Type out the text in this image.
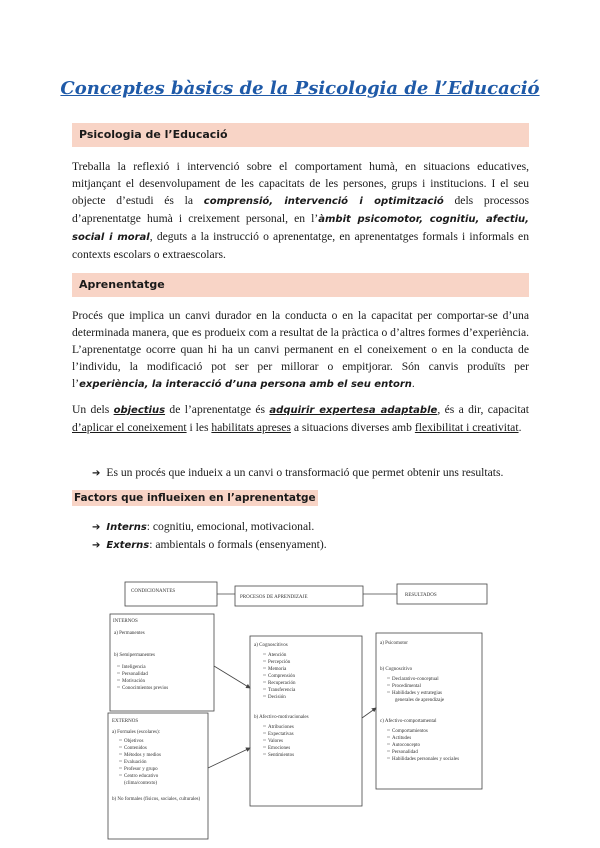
Conceptes bàsics de la Psicologia de l’Educació
Psicologia de l’Educació
Treballa la reflexió i intervenció sobre el comportament humà, en situacions educatives, mitjançant el desenvolupament de les capacitats de les persones, grups i institucions. I el seu objecte d’estudi és la comprensió, intervenció i optimització dels processos d’aprenentatge humà i creixement personal, en l’àmbit psicomotor, cognitiu, afectiu, social i moral, deguts a la instrucció o aprenentatge, en aprenentatges formals i informals en contexts escolars o extraescolars.
Aprenentatge
Procés que implica un canvi durador en la conducta o en la capacitat per comportar-se d’una determinada manera, que es produeix com a resultat de la pràctica o d’altres formes d’experiència. L’aprenentatge ocorre quan hi ha un canvi permanent en el coneixement o en la conducta de l’individu, la modificació pot ser per millorar o empitjorar. Són canvis produïts per l’experiència, la interacció d’una persona amb el seu entorn.
Un dels objectius de l’aprenentatge és adquirir expertesa adaptable, és a dir, capacitat d’aplicar el coneixement i les habilitats apreses a situacions diverses amb flexibilitat i creativitat.
➔ Es un procés que indueix a un canvi o transformació que permet obtenir uns resultats.
Factors que influeixen en l’aprenentatge
➔ Interns: cognitiu, emocional, motivacional.
➔ Externs: ambientals o formals (ensenyament).
CONDICIONANTES
PROCESOS DE APRENDIZAJE	RESULTADOS
INTERNOS
a) Permanentes
b) Semipermanentes
Inteligencia
Personalidad
Motivación
Conocimientos previos
EXTERNOS
a) Formales (escolares):
Objetivos
Contenidos
Métodos y medios
Evaluación
Profesor y grupo
Centro educativo
(clima/contexto)
b) No formales (físicos, sociales, culturales)
a) Cognoscitivos
Atención
Percepción
Memoria
Comprensión
Recuperación
Transferencia
Decisión
b) Afectivo-motivacionales
Atribuciones
Expectativas
Valores
Emociones
Sentimientos
a) Psicomotor
b) Cognoscitivo
Declarativo-conceptual
Procedimental
Habilidades y estrategias
generales de aprendizaje
c) Afectivo-comportamental
Comportamientos
Actitudes
Autoconcepto
Personalidad
Habilidades personales y sociales
